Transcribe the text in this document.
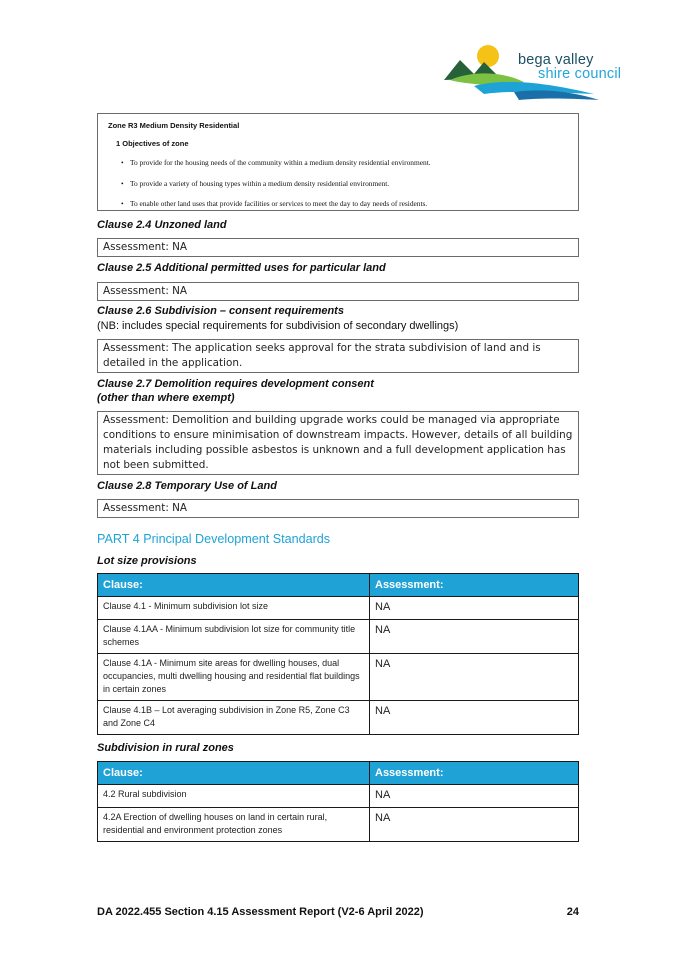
bega valley
shire council
Zone R3 Medium Density Residential
1 Objectives of zone
• To provide for the housing needs of the community within a medium density residential environment.
• To provide a variety of housing types within a medium density residential environment.
• To enable other land uses that provide facilities or services to meet the day to day needs of residents.
Clause 2.4 Unzoned land
Assessment: NA
Clause 2.5 Additional permitted uses for particular land
Assessment: NA
Clause 2.6 Subdivision – consent requirements
(NB: includes special requirements for subdivision of secondary dwellings)
Assessment: The application seeks approval for the strata subdivision of land and is detailed in the application.
Clause 2.7 Demolition requires development consent
(other than where exempt)
Assessment: Demolition and building upgrade works could be managed via appropriate conditions to ensure minimisation of downstream impacts. However, details of all building materials including possible asbestos is unknown and a full development application has not been submitted.
Clause 2.8 Temporary Use of Land
Assessment: NA
PART 4 Principal Development Standards
Lot size provisions
Clause:	Assessment:
Clause 4.1 - Minimum subdivision lot size	NA
Clause 4.1AA - Minimum subdivision lot size for community title schemes	NA
Clause 4.1A - Minimum site areas for dwelling houses, dual occupancies, multi dwelling housing and residential flat buildings in certain zones	NA
Clause 4.1B – Lot averaging subdivision in Zone R5, Zone C3 and Zone C4	NA
Subdivision in rural zones
Clause:	Assessment:
4.2 Rural subdivision	NA
4.2A Erection of dwelling houses on land in certain rural, residential and environment protection zones	NA
DA 2022.455 Section 4.15 Assessment Report (V2-6 April 2022)	24
